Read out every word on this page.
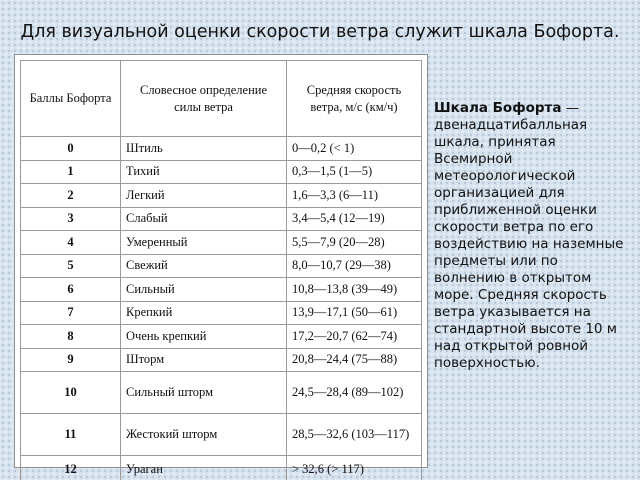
Для визуальной оценки скорости ветра служит шкала Бофорта.
Баллы Бофорта	Словесное определение силы ветра	Средняя скорость ветра, м/с (км/ч)
0	Штиль	0—0,2 (< 1)
1	Тихий	0,3—1,5 (1—5)
2	Легкий	1,6—3,3 (6—11)
3	Слабый	3,4—5,4 (12—19)
4	Умеренный	5,5—7,9 (20—28)
5	Свежий	8,0—10,7 (29—38)
6	Сильный	10,8—13,8 (39—49)
7	Крепкий	13,9—17,1 (50—61)
8	Очень крепкий	17,2—20,7 (62—74)
9	Шторм	20,8—24,4 (75—88)
10	Сильный шторм	24,5—28,4 (89—102)
11	Жестокий шторм	28,5—32,6 (103—117)
12	Ураган	> 32,6 (> 117)
Шкала Бофорта — двенадцатибалльная шкала, принятая Всемирной метеорологической организацией для приближенной оценки скорости ветра по его воздействию на наземные предметы или по волнению в открытом море. Средняя скорость ветра указывается на стандартной высоте 10 м над открытой ровной поверхностью.
